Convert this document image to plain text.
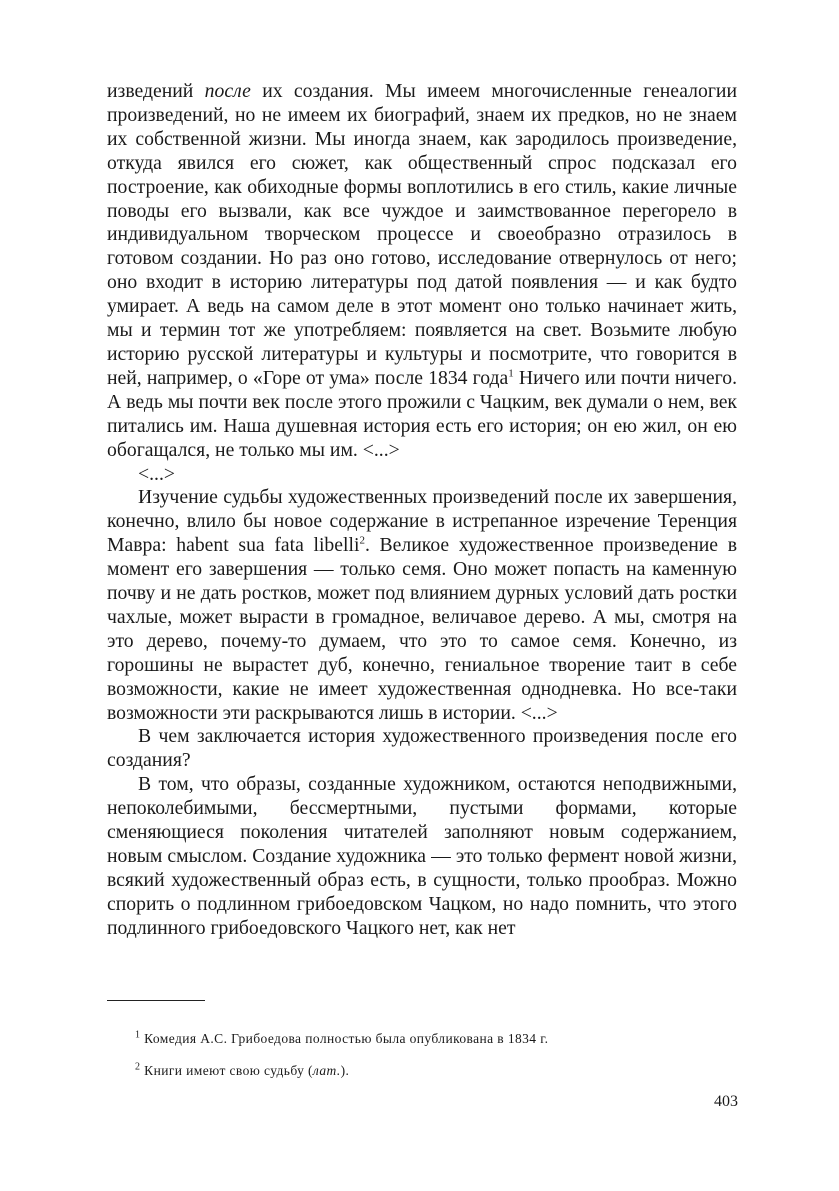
изведений после их создания. Мы имеем многочисленные генеалогии произведений, но не имеем их биографий, знаем их предков, но не знаем их собственной жизни. Мы иногда знаем, как зародилось произведение, откуда явился его сюжет, как общественный спрос подсказал его построение, как обиходные формы воплотились в его стиль, какие личные поводы его вызвали, как все чуждое и заимствованное перегорело в индивидуальном творческом процессе и своеобразно отразилось в готовом создании. Но раз оно готово, исследование отвернулось от него; оно входит в историю литературы под датой появления — и как будто умирает. А ведь на самом деле в этот момент оно только начинает жить, мы и термин тот же употребляем: появляется на свет. Возьмите любую историю русской литературы и культуры и посмотрите, что говорится в ней, например, о «Горе от ума» после 1834 года$^1$ Ничего или почти ничего. А ведь мы почти век после этого прожили с Чацким, век думали о нем, век питались им. Наша душевная история есть его история; он ею жил, он ею обогащался, не только мы им. <...>

<...>

Изучение судьбы художественных произведений после их завершения, конечно, влило бы новое содержание в истрепанное изречение Теренция Мавра: habent sua fata libelli$^2$. Великое художественное произведение в момент его завершения — только семя. Оно может попасть на каменную почву и не дать ростков, может под влиянием дурных условий дать ростки чахлые, может вырасти в громадное, величавое дерево. А мы, смотря на это дерево, почему-то думаем, что это то самое семя. Конечно, из горошины не вырастет дуб, конечно, гениальное творение таит в себе возможности, какие не имеет художественная однодневка. Но все-таки возможности эти раскрываются лишь в истории. <...>

В чем заключается история художественного произведения после его создания?

В том, что образы, созданные художником, остаются неподвижными, непоколебимыми, бессмертными, пустыми формами, которые сменяющиеся поколения читателей заполняют новым содержанием, новым смыслом. Создание художника — это только фермент новой жизни, всякий художественный образ есть, в сущности, только прообраз. Можно спорить о подлинном грибоедовском Чацком, но надо помнить, что этого подлинного грибоедовского Чацкого нет, как нет

$^1$ Комедия А.С. Грибоедова полностью была опубликована в 1834 г.
$^2$ Книги имеют свою судьбу (лат.).
403
